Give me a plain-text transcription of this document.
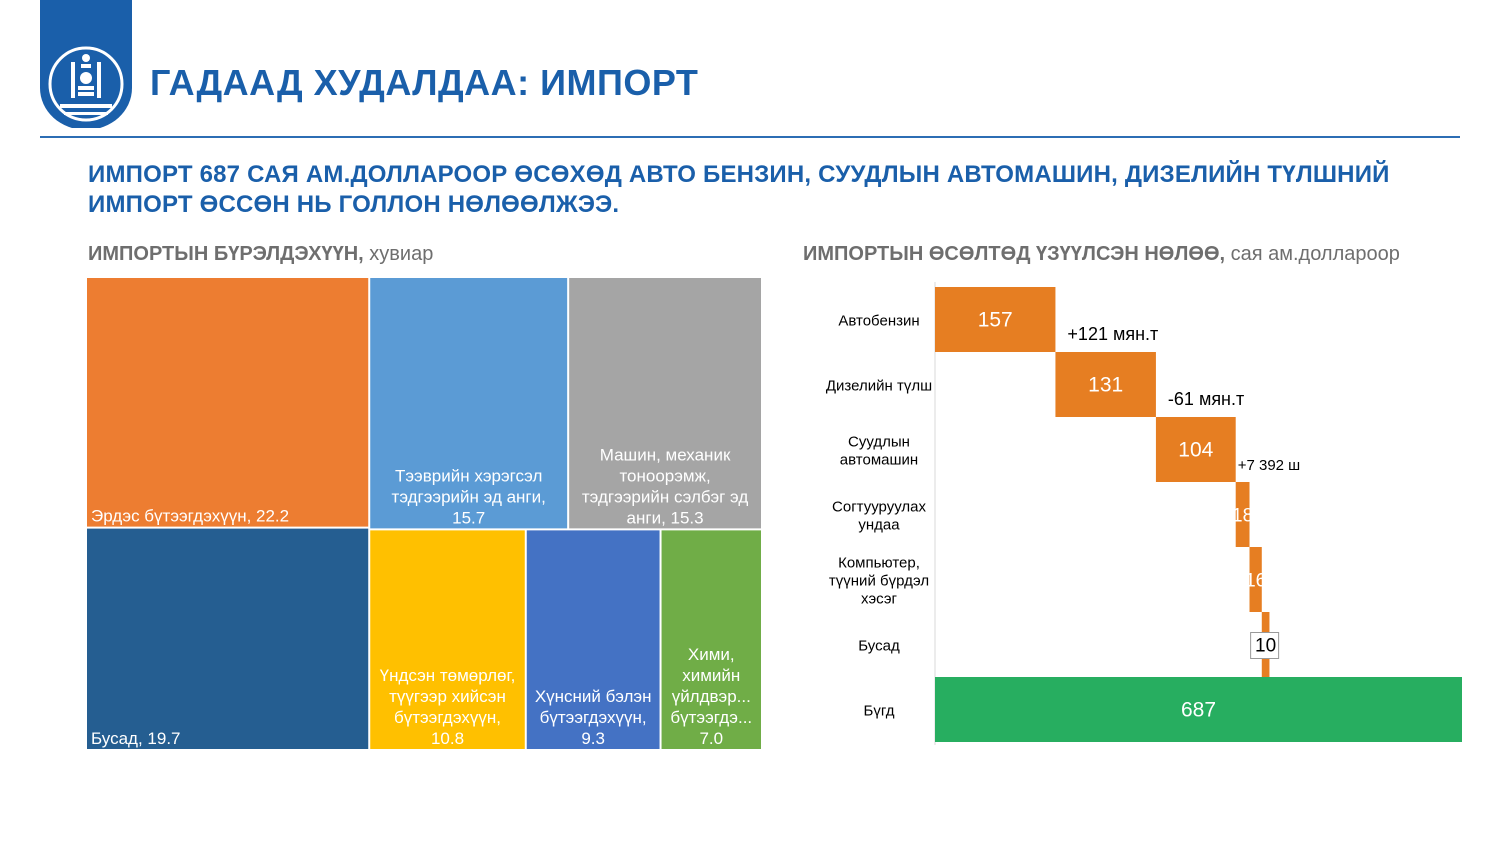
ГАДААД ХУДАЛДАА: ИМПОРТ
ИМПОРТ 687 САЯ АМ.ДОЛЛАРООР ӨСӨХӨД АВТО БЕНЗИН, СУУДЛЫН АВТОМАШИН, ДИЗЕЛИЙН ТҮЛШНИЙ ИМПОРТ ӨССӨН НЬ ГОЛЛОН НӨЛӨӨЛЖЭЭ.
ИМПОРТЫН БҮРЭЛДЭХҮҮН, хувиар	ИМПОРТЫН ӨСӨЛТӨД ҮЗҮҮЛСЭН НӨЛӨӨ, сая ам.доллароор
Эрдэс бүтээгдэхүүн, 22.2
Бусад, 19.7
Тээврийн хэрэгсэл
тэдгээрийн эд анги,
15.7
Машин, механик
тоноорэмж,
тэдгээрийн сэлбэг эд
анги, 15.3
Үндсэн төмөрлөг,
түүгээр хийсэн
бүтээгдэхүүн,
10.8
Хүнсний бэлэн
бүтээгдэхүүн,
9.3
Хими,
химийн
үйлдвэр...
бүтээгдэ...
7.0
157
Автобензин
+121 мян.т
131
Дизелийн түлш
-61 мян.т
104
Суудлын
автомашин	+7 392 ш
18
Согтууруулах
ундаа
16
Компьютер,
түүний бүрдэл
хэсэг
10
Бусад
687
Бүгд
